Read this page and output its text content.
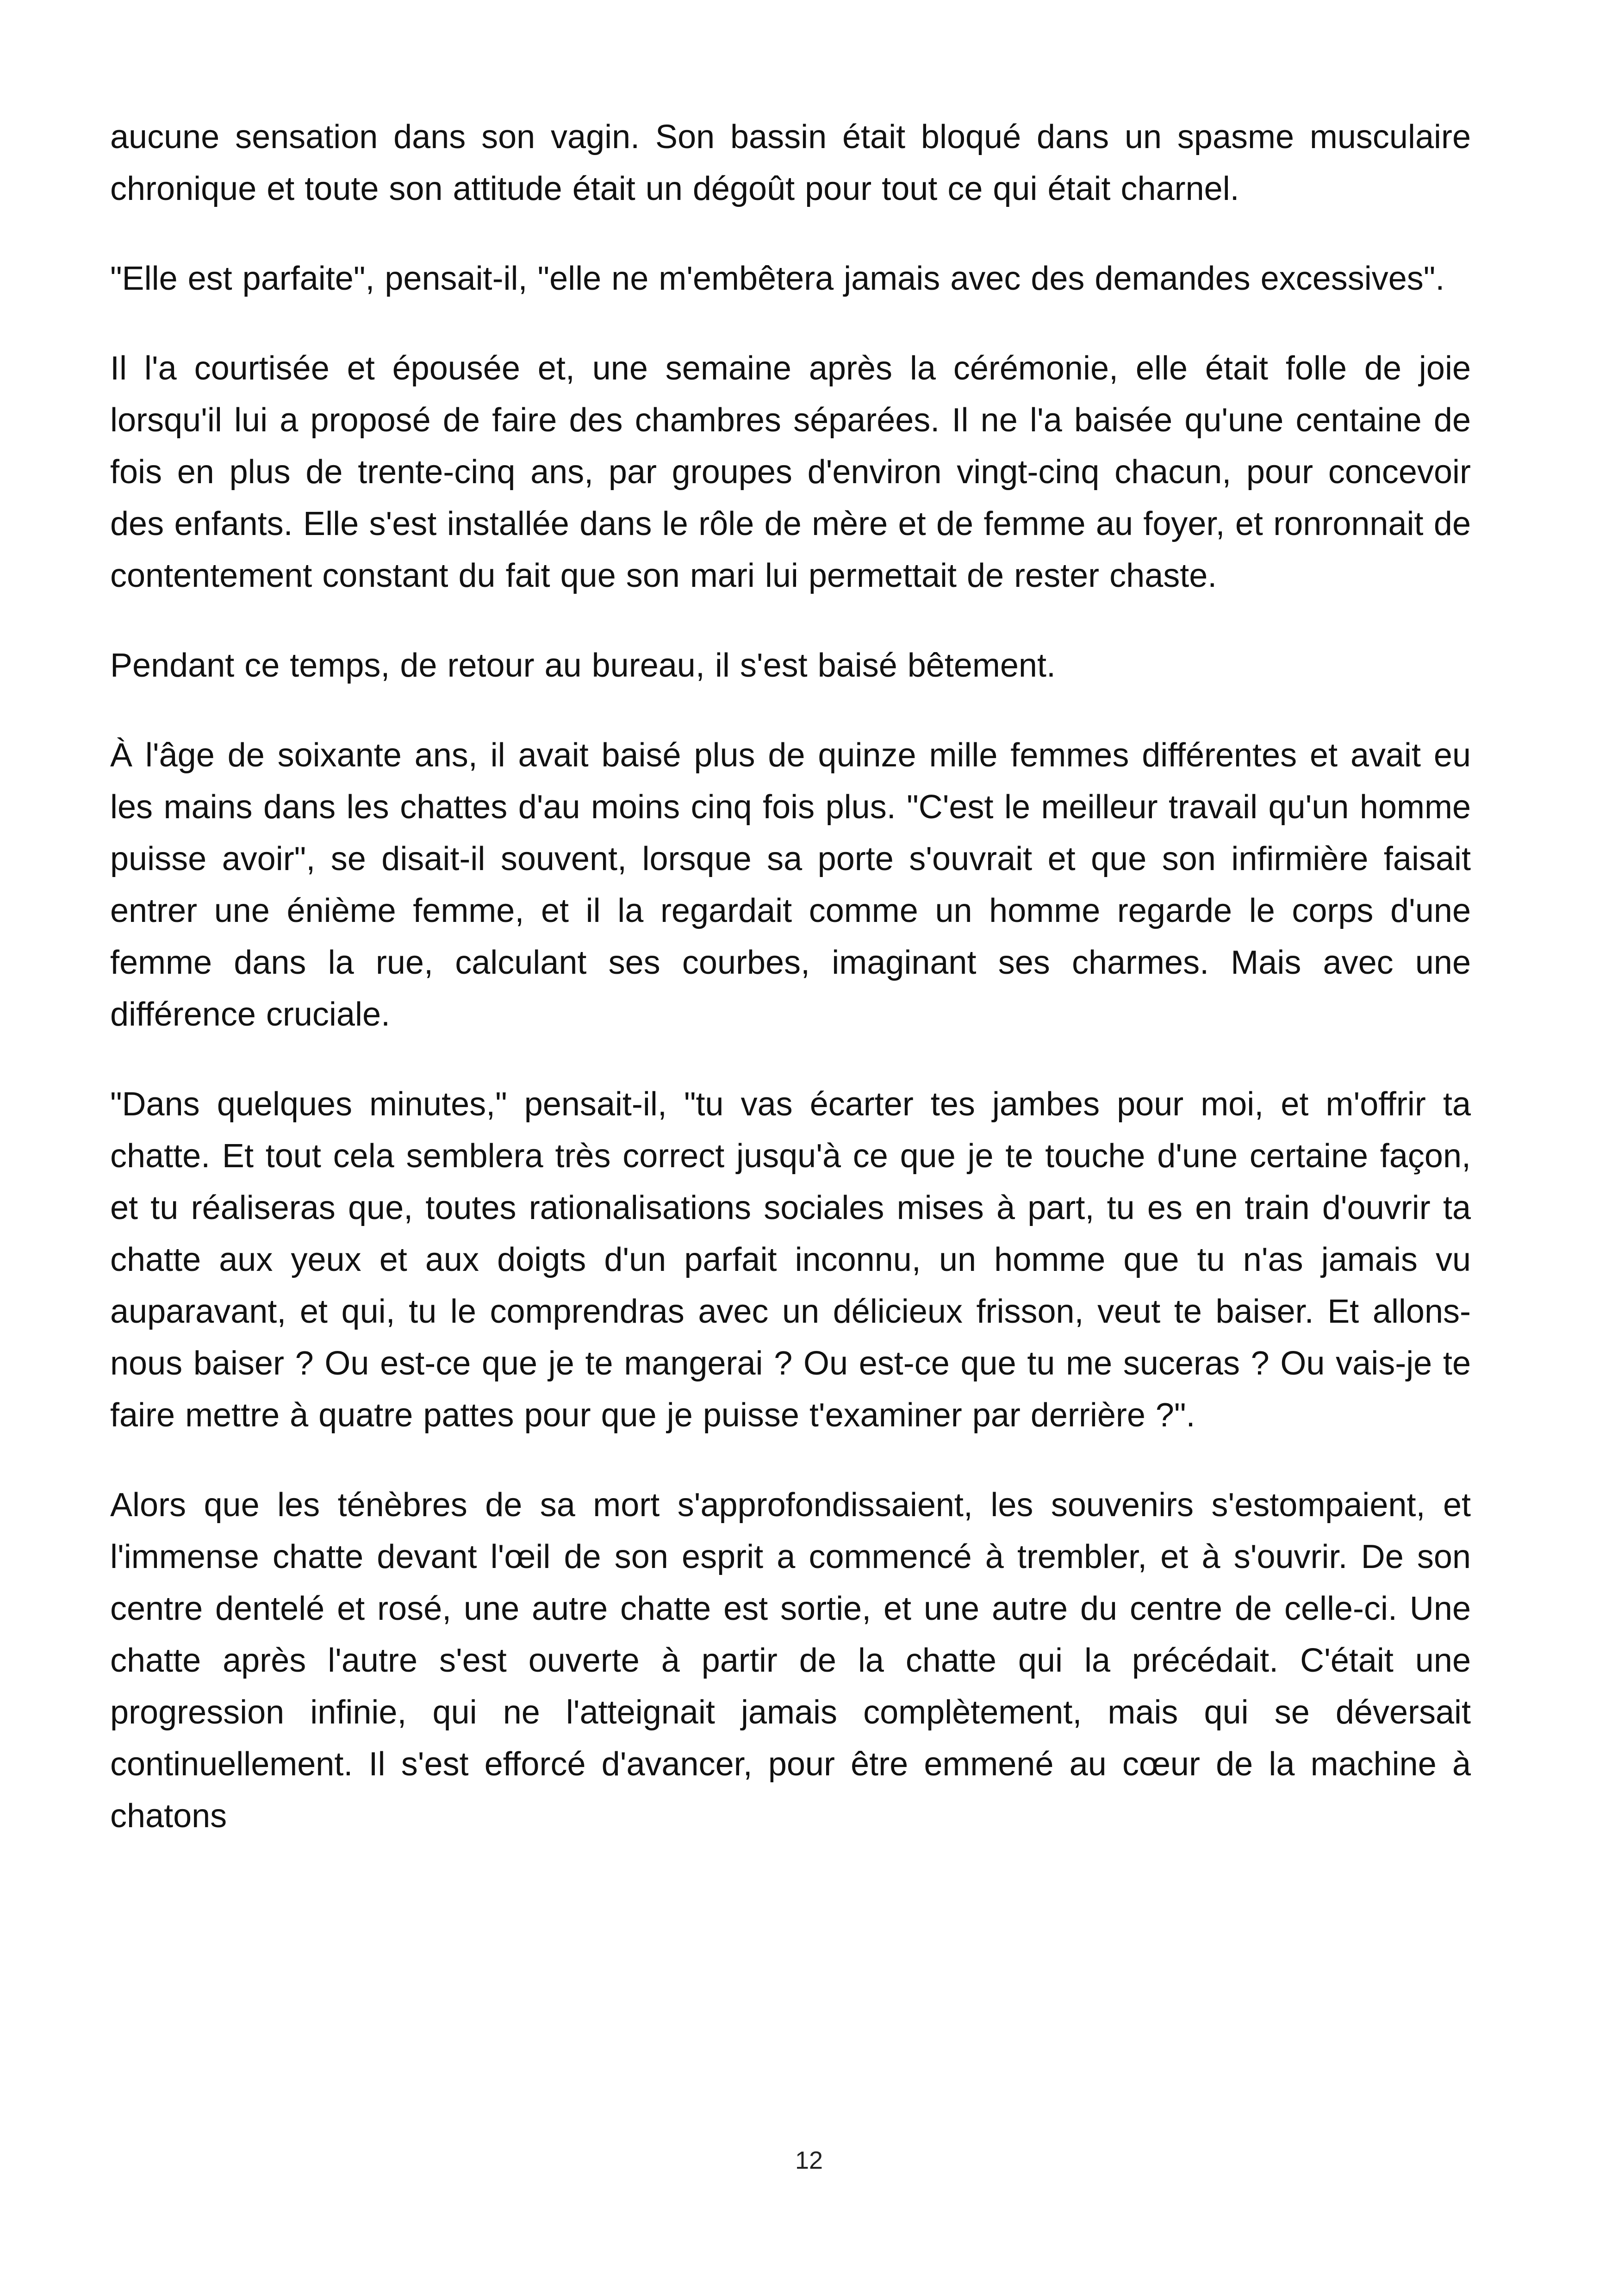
aucune sensation dans son vagin. Son bassin était bloqué dans un spasme musculaire chronique et toute son attitude était un dégoût pour tout ce qui était charnel.

"Elle est parfaite", pensait-il, "elle ne m'embêtera jamais avec des demandes excessives".

Il l'a courtisée et épousée et, une semaine après la cérémonie, elle était folle de joie lorsqu'il lui a proposé de faire des chambres séparées. Il ne l'a baisée qu'une centaine de fois en plus de trente-cinq ans, par groupes d'environ vingt-cinq chacun, pour concevoir des enfants. Elle s'est installée dans le rôle de mère et de femme au foyer, et ronronnait de contentement constant du fait que son mari lui permettait de rester chaste.

Pendant ce temps, de retour au bureau, il s'est baisé bêtement.

À l'âge de soixante ans, il avait baisé plus de quinze mille femmes différentes et avait eu les mains dans les chattes d'au moins cinq fois plus. "C'est le meilleur travail qu'un homme puisse avoir", se disait-il souvent, lorsque sa porte s'ouvrait et que son infirmière faisait entrer une énième femme, et il la regardait comme un homme regarde le corps d'une femme dans la rue, calculant ses courbes, imaginant ses charmes. Mais avec une différence cruciale.

"Dans quelques minutes," pensait-il, "tu vas écarter tes jambes pour moi, et m'offrir ta chatte. Et tout cela semblera très correct jusqu'à ce que je te touche d'une certaine façon, et tu réaliseras que, toutes rationalisations sociales mises à part, tu es en train d'ouvrir ta chatte aux yeux et aux doigts d'un parfait inconnu, un homme que tu n'as jamais vu auparavant, et qui, tu le comprendras avec un délicieux frisson, veut te baiser. Et allons-nous baiser ? Ou est-ce que je te mangerai ? Ou est-ce que tu me suceras ? Ou vais-je te faire mettre à quatre pattes pour que je puisse t'examiner par derrière ?".

Alors que les ténèbres de sa mort s'approfondissaient, les souvenirs s'estompaient, et l'immense chatte devant l'œil de son esprit a commencé à trembler, et à s'ouvrir. De son centre dentelé et rosé, une autre chatte est sortie, et une autre du centre de celle-ci. Une chatte après l'autre s'est ouverte à partir de la chatte qui la précédait. C'était une progression infinie, qui ne l'atteignait jamais complètement, mais qui se déversait continuellement. Il s'est efforcé d'avancer, pour être emmené au cœur de la machine à chatons

12
